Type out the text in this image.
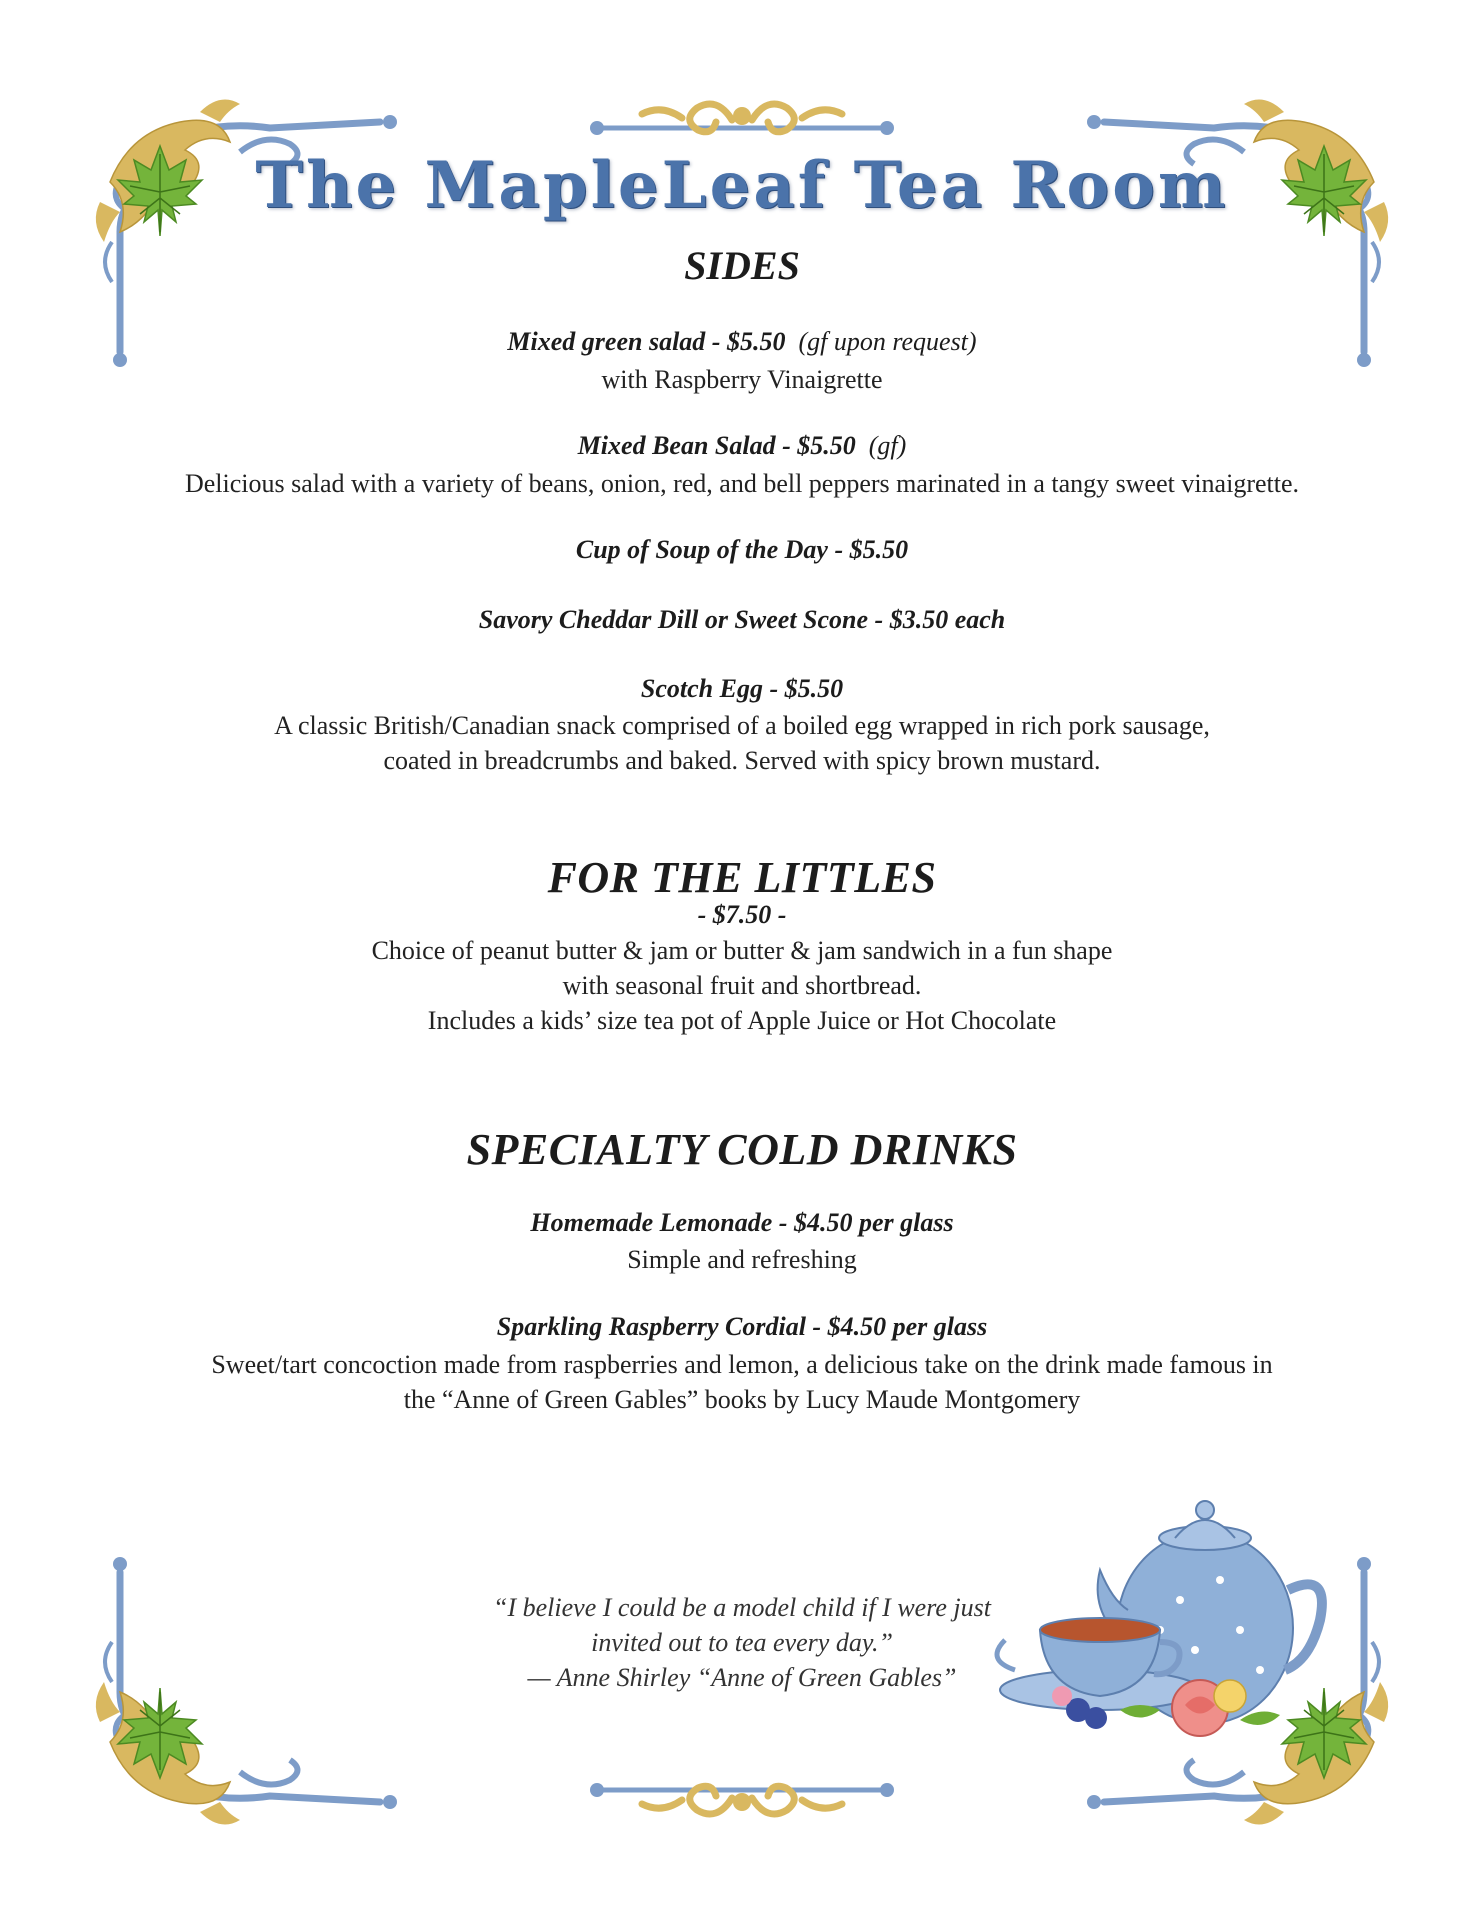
The MapleLeaf Tea Room
SIDES
Mixed green salad - $5.50 (gf upon request)
with Raspberry Vinaigrette
Mixed Bean Salad - $5.50 (gf)
Delicious salad with a variety of beans, onion, red, and bell peppers marinated in a tangy sweet vinaigrette.
Cup of Soup of the Day - $5.50
Savory Cheddar Dill or Sweet Scone - $3.50 each
Scotch Egg - $5.50
A classic British/Canadian snack comprised of a boiled egg wrapped in rich pork sausage,
coated in breadcrumbs and baked. Served with spicy brown mustard.
FOR THE LITTLES
- $7.50 -
Choice of peanut butter & jam or butter & jam sandwich in a fun shape
with seasonal fruit and shortbread.
Includes a kids’ size tea pot of Apple Juice or Hot Chocolate
SPECIALTY COLD DRINKS
Homemade Lemonade - $4.50 per glass
Simple and refreshing
Sparkling Raspberry Cordial - $4.50 per glass
Sweet/tart concoction made from raspberries and lemon, a delicious take on the drink made famous in
the “Anne of Green Gables” books by Lucy Maude Montgomery
“I believe I could be a model child if I were just
invited out to tea every day.”
— Anne Shirley “Anne of Green Gables”
